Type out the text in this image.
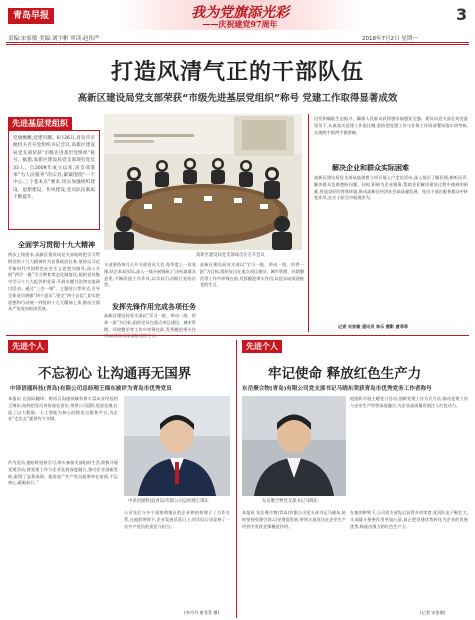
青岛早报	我为党旗添光彩
——庆祝建党97周年	3
责编:宋家敏 美编:刘宇彬 审读:赵伟严	2018年7月2日 星期一
打造风清气正的干部队伍
高新区建设局党支部荣获“市级先进基层党组织”称号 党建工作取得显著成效
先进基层党组织
党旗飘飘,党建闪耀。6月26日,青岛市市级机关召开党组织书记会议,高新区建设局党支部荣获“市级先进基层党组织”称号。据悉,高新区建设局党支部现有党员33人。自2009年成立以来,该支部秉承“为人民服务”的宗旨,紧紧围绕“一个中心,三个基本点”要求,切实加强组织建设、思想建设、作风建设,党员队伍素质不断提升。
高新区建设局党支部成员在召开会议
启发和赋能生态振兴、确保人民群众获得感幸福感安全感。建设局党支部在局党委领导下,认真落实党建工作责任制,坚持把党建工作与业务工作同部署同落实同考核,实现两手抓两手都要硬。
解决企业和群众实际困难
高新区建设局党支部从高规格立项开展入户走访活动,深入基层了解民情,倾听民声,解决群众急难愁盼问题。同时,积极为企业服务,帮助企业解决建设过程中遇到的困难,营造良好的营商环境,推动高新区经济社会高质量发展。党员干部在服务群众中转变作风,在实干担当中展现作为。
记者 宋家敏 通讯员 李乐 摄影 唐菲菲
全面学习贯彻十九大精神
两次上级要求,高新区建设局党支部始终把学习贯彻党的十九大精神作为首要政治任务,坚持以习近平新时代中国特色社会主义思想为指导,深入开展“两学一做”学习教育常态化制度化,组织党员集中学习十九大报告和党章,开展专题讨论和交流研讨活动。通过“三会一课”、主题党日等形式,引导全体党员增强“四个意识”,坚定“四个自信”,切实把思想和行动统一到党的十九大精神上来,推动全面从严治党向纵深发展。
支部坚持每月召开支部党员大会,每季度上一次党课,结合本局实际,深入一线开展调研,广泛听取群众意见,不断改进工作作风,以实际行动践行党的宗旨。
发挥先锋作用完成各项任务
高新区建设局党支部以“学习一批、带动一批、培养一批”为目标,组织党员在重点项目建设、城市管理、环境整治等工作中冲锋在前,发挥模范带头作用,以优异成绩迎接党的生日。
高新区建设局党支部以“学习一批、带动一批、培养一批”为目标,组织党员在重点项目建设、城市管理、环境整治等工作中冲锋在前,发挥模范带头作用,以优异成绩迎接党的生日。
先进个人
不忘初心 让沟通再无国界
中译语通科技(青岛)有限公司总经理王锦东被评为青岛市优秀党员
本报讯 在国际翻译、跨语言沟通领域有着丰富从业经验的王锦东,始终把党员身份放在首位,带领公司团队攻坚克难,打造了以大数据、人工智能为核心的跨语言服务平台,为企业“走出去”提供有力支撑。
作为党员,他始终坚持学习,带头参加支部组织生活,积极开展党建活动,将党建工作与企业发展深度融合,推动企业创新发展,取得了显著成绩。他常说:“共产党员就要冲在前面,不忘初心,砥砺前行。”
中译语通科技(青岛)有限公司总经理王锦东
公司先后与多个国家和地区的企业和机构建立了合作关系,在他的带领下,企业发展蒸蒸日上,用实际行动诠释了一名共产党员的责任与担当。
(李丹丹 唐菲菲 摄)
先进个人
牢记使命 释放红色生产力
东岳聚合物(青岛)有限公司党支部书记马晓东荣获青岛市优秀党务工作者称号
东岳聚合物党支部书记马晓东
他组织开展主题党日活动,创新党建工作方式方法,推动党建工作与企业生产经营深度融合,为企业高质量发展注入红色动力。
本报讯 东岳聚合物(青岛)有限公司党支部书记马晓东,始终坚持党建引领,以党建促发展,带领支部党员在企业生产经营中发挥先锋模范作用。
在他的带领下,公司党支部先后获得多项荣誉,党员队伍不断壮大,支部战斗堡垒作用更加凸显,真正把党建优势转化为企业的发展优势,释放出强大的红色生产力。
(记者 宋家敏)
